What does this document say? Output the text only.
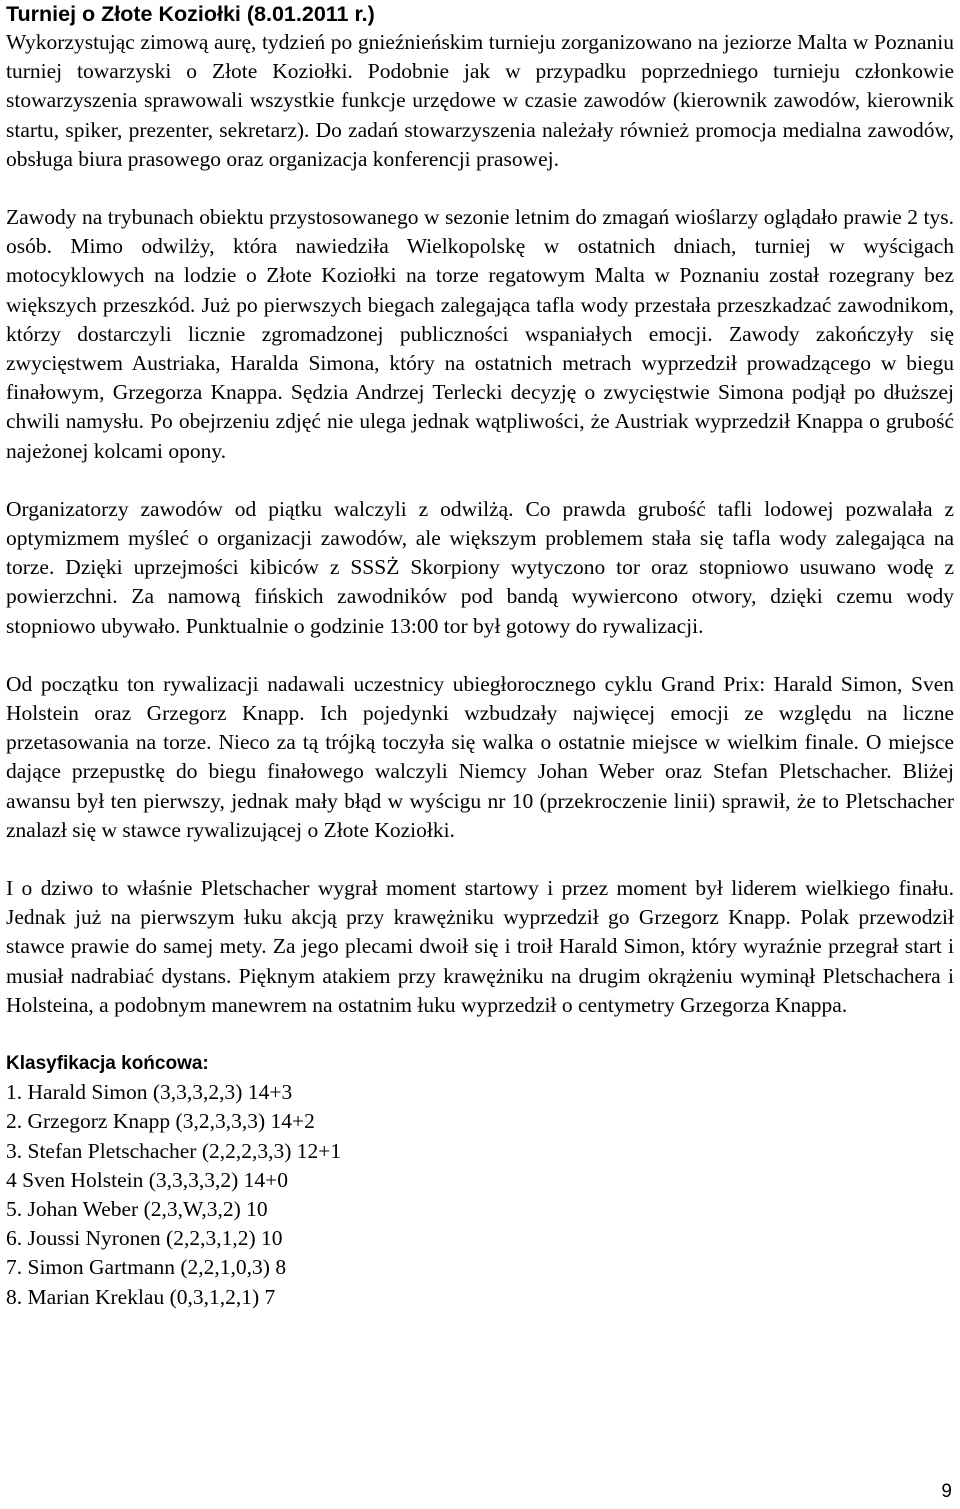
Turniej o Złote Koziołki (8.01.2011 r.)

Wykorzystując zimową aurę, tydzień po gnieźnieńskim turnieju zorganizowano na jeziorze Malta w Poznaniu turniej towarzyski o Złote Koziołki. Podobnie jak w przypadku poprzedniego turnieju członkowie stowarzyszenia sprawowali wszystkie funkcje urzędowe w czasie zawodów (kierownik zawodów, kierownik startu, spiker, prezenter, sekretarz). Do zadań stowarzyszenia należały również promocja medialna zawodów, obsługa biura prasowego oraz organizacja konferencji prasowej.

Zawody na trybunach obiektu przystosowanego w sezonie letnim do zmagań wioślarzy oglądało prawie 2 tys. osób. Mimo odwilży, która nawiedziła Wielkopolskę w ostatnich dniach, turniej w wyścigach motocyklowych na lodzie o Złote Koziołki na torze regatowym Malta w Poznaniu został rozegrany bez większych przeszkód. Już po pierwszych biegach zalegająca tafla wody przestała przeszkadzać zawodnikom, którzy dostarczyli licznie zgromadzonej publiczności wspaniałych emocji. Zawody zakończyły się zwycięstwem Austriaka, Haralda Simona, który na ostatnich metrach wyprzedził prowadzącego w biegu finałowym, Grzegorza Knappa. Sędzia Andrzej Terlecki decyzję o zwycięstwie Simona podjął po dłuższej chwili namysłu. Po obejrzeniu zdjęć nie ulega jednak wątpliwości, że Austriak wyprzedził Knappa o grubość najeżonej kolcami opony.

Organizatorzy zawodów od piątku walczyli z odwilżą. Co prawda grubość tafli lodowej pozwalała z optymizmem myśleć o organizacji zawodów, ale większym problemem stała się tafla wody zalegająca na torze. Dzięki uprzejmości kibiców z SSSŻ Skorpiony wytyczono tor oraz stopniowo usuwano wodę z powierzchni. Za namową fińskich zawodników pod bandą wywiercono otwory, dzięki czemu wody stopniowo ubywało. Punktualnie o godzinie 13:00 tor był gotowy do rywalizacji.

Od początku ton rywalizacji nadawali uczestnicy ubiegłorocznego cyklu Grand Prix: Harald Simon, Sven Holstein oraz Grzegorz Knapp. Ich pojedynki wzbudzały najwięcej emocji ze względu na liczne przetasowania na torze. Nieco za tą trójką toczyła się walka o ostatnie miejsce w wielkim finale. O miejsce dające przepustkę do biegu finałowego walczyli Niemcy Johan Weber oraz Stefan Pletschacher. Bliżej awansu był ten pierwszy, jednak mały błąd w wyścigu nr 10 (przekroczenie linii) sprawił, że to Pletschacher znalazł się w stawce rywalizującej o Złote Koziołki.

I o dziwo to właśnie Pletschacher wygrał moment startowy i przez moment był liderem wielkiego finału. Jednak już na pierwszym łuku akcją przy krawężniku wyprzedził go Grzegorz Knapp. Polak przewodził stawce prawie do samej mety. Za jego plecami dwoił się i troił Harald Simon, który wyraźnie przegrał start i musiał nadrabiać dystans. Pięknym atakiem przy krawężniku na drugim okrążeniu wyminął Pletschachera i Holsteina, a podobnym manewrem na ostatnim łuku wyprzedził o centymetry Grzegorza Knappa.

Klasyfikacja końcowa:
1. Harald Simon (3,3,3,2,3) 14+3
2. Grzegorz Knapp (3,2,3,3,3) 14+2
3. Stefan Pletschacher (2,2,2,3,3) 12+1
4 Sven Holstein (3,3,3,3,2) 14+0
5. Johan Weber (2,3,W,3,2) 10
6. Joussi Nyronen (2,2,3,1,2) 10
7. Simon Gartmann (2,2,1,0,3) 8
8. Marian Kreklau (0,3,1,2,1) 7
9
